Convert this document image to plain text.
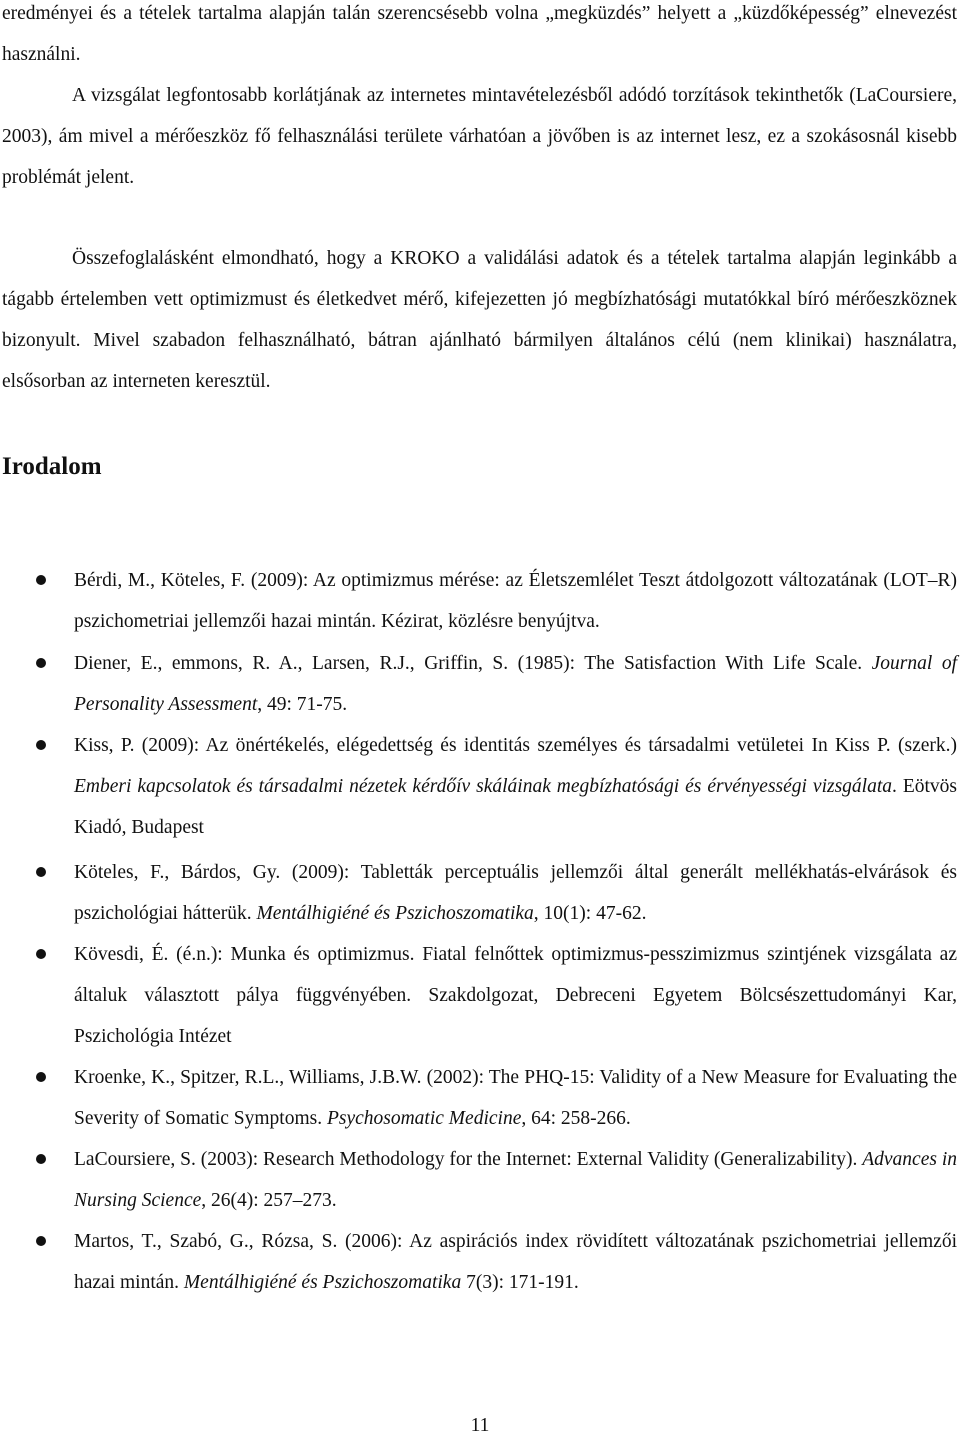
eredményei és a tételek tartalma alapján talán szerencsésebb volna „megküzdés” helyett a „küzdőképesség” elnevezést használni.
A vizsgálat legfontosabb korlátjának az internetes mintavételezésből adódó torzítások tekinthetők (LaCoursiere, 2003), ám mivel a mérőeszköz fő felhasználási területe várhatóan a jövőben is az internet lesz, ez a szokásosnál kisebb problémát jelent.

Összefoglalásként elmondható, hogy a KROKO a validálási adatok és a tételek tartalma alapján leginkább a tágabb értelemben vett optimizmust és életkedvet mérő, kifejezetten jó megbízhatósági mutatókkal bíró mérőeszköznek bizonyult. Mivel szabadon felhasználható, bátran ajánlható bármilyen általános célú (nem klinikai) használatra, elsősorban az interneten keresztül.

Irodalom
Bérdi, M., Köteles, F. (2009): Az optimizmus mérése: az Életszemlélet Teszt átdolgozott változatának (LOT–R) pszichometriai jellemzői hazai mintán. Kézirat, közlésre benyújtva.
Diener, E., emmons, R. A., Larsen, R.J., Griffin, S. (1985): The Satisfaction With Life Scale. Journal of Personality Assessment, 49: 71-75.
Kiss, P. (2009): Az önértékelés, elégedettség és identitás személyes és társadalmi vetületei In Kiss P. (szerk.) Emberi kapcsolatok és társadalmi nézetek kérdőív skáláinak megbízhatósági és érvényességi vizsgálata. Eötvös Kiadó, Budapest
Köteles, F., Bárdos, Gy. (2009): Tabletták perceptuális jellemzői által generált mellékhatás-elvárások és pszichológiai hátterük. Mentálhigiéné és Pszichoszomatika, 10(1): 47-62.
Kövesdi, É. (é.n.): Munka és optimizmus. Fiatal felnőttek optimizmus-pesszimizmus szintjének vizsgálata az általuk választott pálya függvényében. Szakdolgozat, Debreceni Egyetem Bölcsészettudományi Kar, Pszichológia Intézet
Kroenke, K., Spitzer, R.L., Williams, J.B.W. (2002): The PHQ-15: Validity of a New Measure for Evaluating the Severity of Somatic Symptoms. Psychosomatic Medicine, 64: 258-266.
LaCoursiere, S. (2003): Research Methodology for the Internet: External Validity (Generalizability). Advances in Nursing Science, 26(4): 257–273.
Martos, T., Szabó, G., Rózsa, S. (2006): Az aspirációs index rövidített változatának pszichometriai jellemzői hazai mintán. Mentálhigiéné és Pszichoszomatika 7(3): 171-191.
11
